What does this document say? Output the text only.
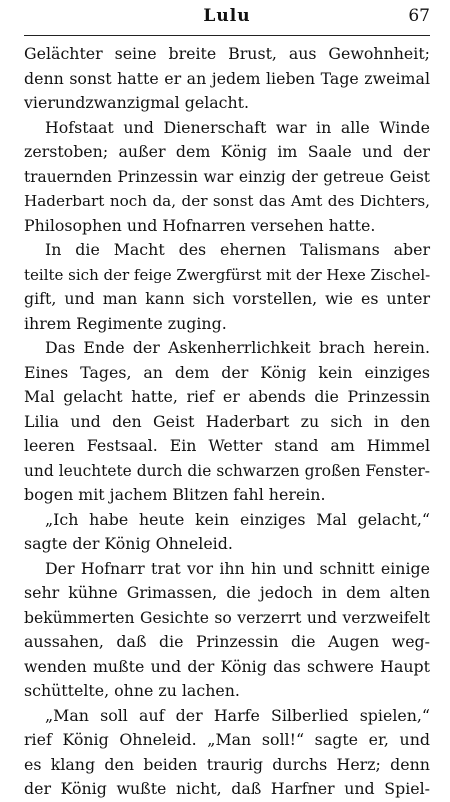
Lulu	67
Gelächter seine breite Brust, aus Gewohnheit;
denn sonst hatte er an jedem lieben Tage zweimal
vierundzwanzigmal gelacht.
Hofstaat und Dienerschaft war in alle Winde
zerstoben; außer dem König im Saale und der
trauernden Prinzessin war einzig der getreue Geist
Haderbart noch da, der sonst das Amt des Dichters,
Philosophen und Hofnarren versehen hatte.
In die Macht des ehernen Talismans aber
teilte sich der feige Zwergfürst mit der Hexe Zischel-
gift, und man kann sich vorstellen, wie es unter
ihrem Regimente zuging.
Das Ende der Askenherrlichkeit brach herein.
Eines Tages, an dem der König kein einziges
Mal gelacht hatte, rief er abends die Prinzessin
Lilia und den Geist Haderbart zu sich in den
leeren Festsaal. Ein Wetter stand am Himmel
und leuchtete durch die schwarzen großen Fenster-
bogen mit jachem Blitzen fahl herein.
„Ich habe heute kein einziges Mal gelacht,“
sagte der König Ohneleid.
Der Hofnarr trat vor ihn hin und schnitt einige
sehr kühne Grimassen, die jedoch in dem alten
bekümmerten Gesichte so verzerrt und verzweifelt
aussahen, daß die Prinzessin die Augen weg-
wenden mußte und der König das schwere Haupt
schüttelte, ohne zu lachen.
„Man soll auf der Harfe Silberlied spielen,“
rief König Ohneleid. „Man soll!“ sagte er, und
es klang den beiden traurig durchs Herz; denn
der König wußte nicht, daß Harfner und Spiel-
